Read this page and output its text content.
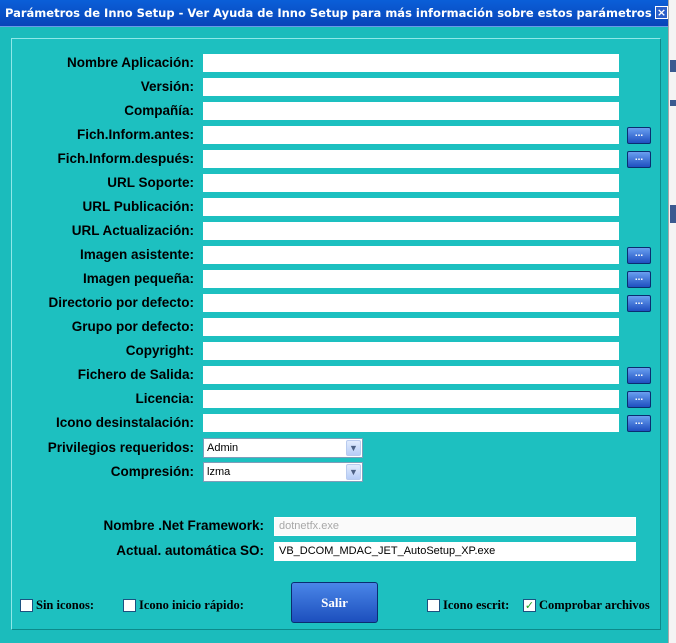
Parámetros de Inno Setup - Ver Ayuda de Inno Setup para más información sobre estos parámetros ×
Nombre Aplicación:
Versión:
Compañía:
Fich.Inform.antes:	...
Fich.Inform.después:	...
URL Soporte:
URL Publicación:
URL Actualización:
Imagen asistente:	...
Imagen pequeña:	...
Directorio por defecto:	...
Grupo por defecto:
Copyright:
Fichero de Salida:	...
Licencia:	...
Icono desinstalación:	...
Privilegios requeridos: Admin	▼
Compresión: lzma	▼
Nombre .Net Framework:	dotnetfx.exe
Actual. automática SO:	VB_DCOM_MDAC_JET_AutoSetup_XP.exe
Sin iconos:	Icono inicio rápido:	Icono escrit: ✓ Comprobar archivos
Salir
